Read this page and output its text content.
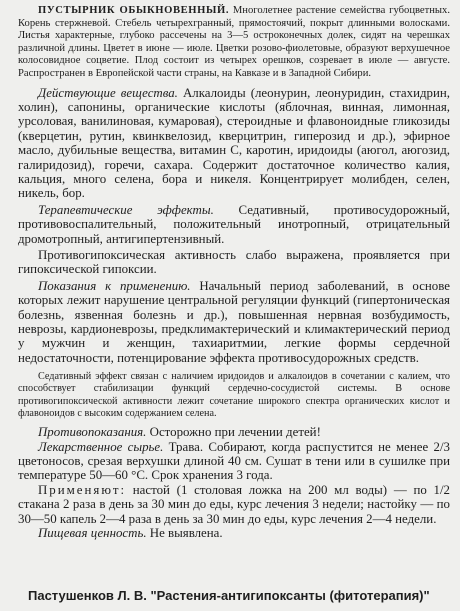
ПУСТЫРНИК ОБЫКНОВЕННЫЙ. Многолетнее растение семейства губоцветных. Корень стержневой. Стебель четырехгранный, прямостоячий, покрыт длинными волосками. Листья характерные, глубоко рассечены на 3—5 остроконечных долек, сидят на черешках различной длины. Цветет в июне — июле. Цветки розово-фиолетовые, образуют верхушечное колосовидное соцветие. Плод состоит из четырех орешков, созревает в июле — августе. Распространен в Европейской части страны, на Кавказе и в Западной Сибири.

Действующие вещества. Алкалоиды (леонурин, леонуридин, стахидрин, холин), сапонины, органические кислоты (яблочная, винная, лимонная, урсоловая, ванилиновая, кумаровая), стероидные и флавоноидные гликозиды (кверцетин, рутин, квинквелозид, кверцитрин, гиперозид и др.), эфирное масло, дубильные вещества, витамин С, каротин, иридоиды (аюгол, аюгозид, галиридозид), горечи, сахара. Содержит достаточное количество калия, кальция, много селена, бора и никеля. Концентрирует молибден, селен, никель, бор.

Терапевтические эффекты. Седативный, противосудорожный, противовоспалительный, положительный инотропный, отрицательный дромотропный, антигипертензивный.

Противогипоксическая активность слабо выражена, проявляется при гипоксической гипоксии.

Показания к применению. Начальный период заболеваний, в основе которых лежит нарушение центральной регуляции функций (гипертоническая болезнь, язвенная болезнь и др.), повышенная нервная возбудимость, неврозы, кардионеврозы, предклимактерический и климактерический период у мужчин и женщин, тахиаритмии, легкие формы сердечной недостаточности, потенцирование эффекта противосудорожных средств.

Седативный эффект связан с наличием иридоидов и алкалоидов в сочетании с калием, что способствует стабилизации функций сердечно-сосудистой системы. В основе противогипоксической активности лежит сочетание широкого спектра органических кислот и флавоноидов с высоким содержанием селена.

Противопоказания. Осторожно при лечении детей!

Лекарственное сырье. Трава. Собирают, когда распустится не менее 2/3 цветоносов, срезая верхушки длиной 40 см. Сушат в тени или в сушилке при температуре 50—60 °С. Срок хранения 3 года.

Применяют: настой (1 столовая ложка на 200 мл воды) — по 1/2 стакана 2 раза в день за 30 мин до еды, курс лечения 3 недели; настойку — по 30—50 капель 2—4 раза в день за 30 мин до еды, курс лечения 2—4 недели.

Пищевая ценность. Не выявлена.

Пастушенков Л. В. "Растения-антигипоксанты (фитотерапия)"
